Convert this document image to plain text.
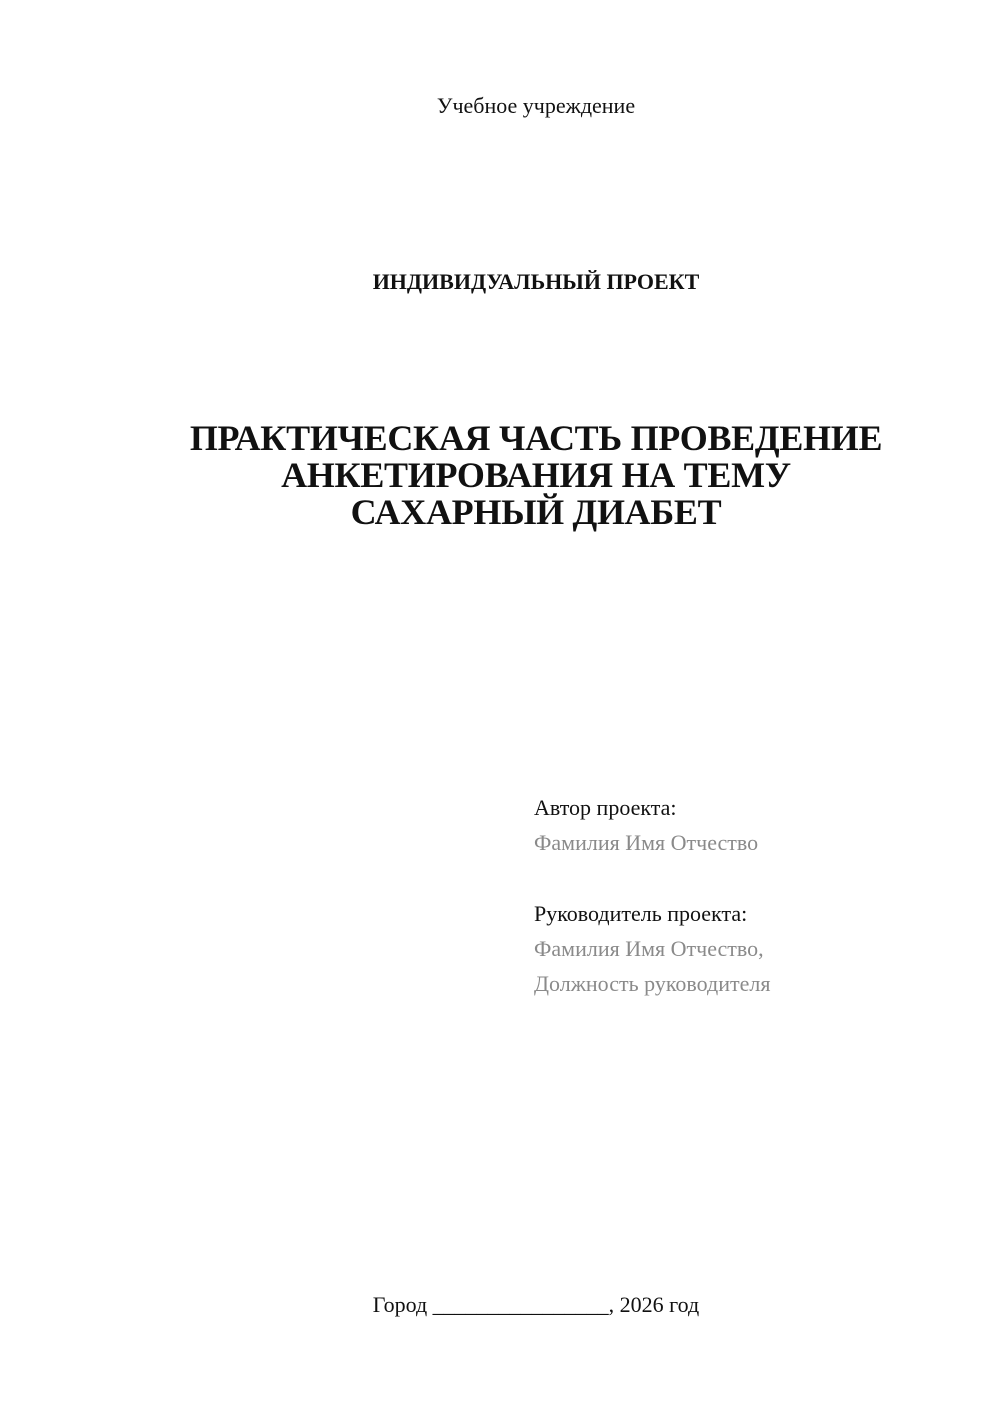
Учебное учреждение
ИНДИВИДУАЛЬНЫЙ ПРОЕКТ
ПРАКТИЧЕСКАЯ ЧАСТЬ ПРОВЕДЕНИЕ
АНКЕТИРОВАНИЯ НА ТЕМУ
САХАРНЫЙ ДИАБЕТ
Автор проекта:
Фамилия Имя Отчество
Руководитель проекта:
Фамилия Имя Отчество,
Должность руководителя
Город ________________, 2026 год
